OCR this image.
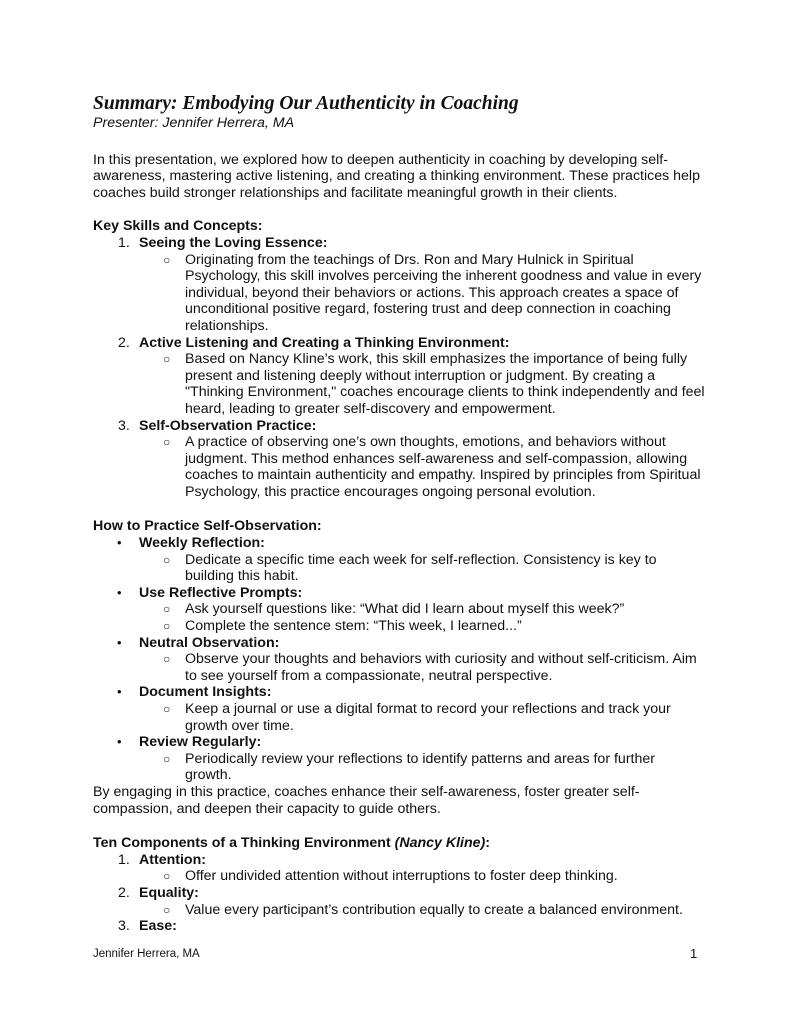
Summary: Embodying Our Authenticity in Coaching

Presenter: Jennifer Herrera, MA

In this presentation, we explored how to deepen authenticity in coaching by developing self-awareness, mastering active listening, and creating a thinking environment. These practices help coaches build stronger relationships and facilitate meaningful growth in their clients.

Key Skills and Concepts:

1. Seeing the Loving Essence:
○ Originating from the teachings of Drs. Ron and Mary Hulnick in Spiritual Psychology, this skill involves perceiving the inherent goodness and value in every individual, beyond their behaviors or actions. This approach creates a space of unconditional positive regard, fostering trust and deep connection in coaching relationships.
2. Active Listening and Creating a Thinking Environment:
○ Based on Nancy Kline’s work, this skill emphasizes the importance of being fully present and listening deeply without interruption or judgment. By creating a "Thinking Environment," coaches encourage clients to think independently and feel heard, leading to greater self-discovery and empowerment.
3. Self-Observation Practice:
○ A practice of observing one’s own thoughts, emotions, and behaviors without judgment. This method enhances self-awareness and self-compassion, allowing coaches to maintain authenticity and empathy. Inspired by principles from Spiritual Psychology, this practice encourages ongoing personal evolution.

How to Practice Self-Observation:

• Weekly Reflection:
○ Dedicate a specific time each week for self-reflection. Consistency is key to building this habit.
• Use Reflective Prompts:
○ Ask yourself questions like: “What did I learn about myself this week?”
○ Complete the sentence stem: “This week, I learned...”
• Neutral Observation:
○ Observe your thoughts and behaviors with curiosity and without self-criticism. Aim to see yourself from a compassionate, neutral perspective.
• Document Insights:
○ Keep a journal or use a digital format to record your reflections and track your growth over time.
• Review Regularly:
○ Periodically review your reflections to identify patterns and areas for further growth.

By engaging in this practice, coaches enhance their self-awareness, foster greater self-compassion, and deepen their capacity to guide others.

Ten Components of a Thinking Environment (Nancy Kline):

1. Attention:
○ Offer undivided attention without interruptions to foster deep thinking.
2. Equality:
○ Value every participant’s contribution equally to create a balanced environment.
3. Ease:
Jennifer Herrera, MA	1
